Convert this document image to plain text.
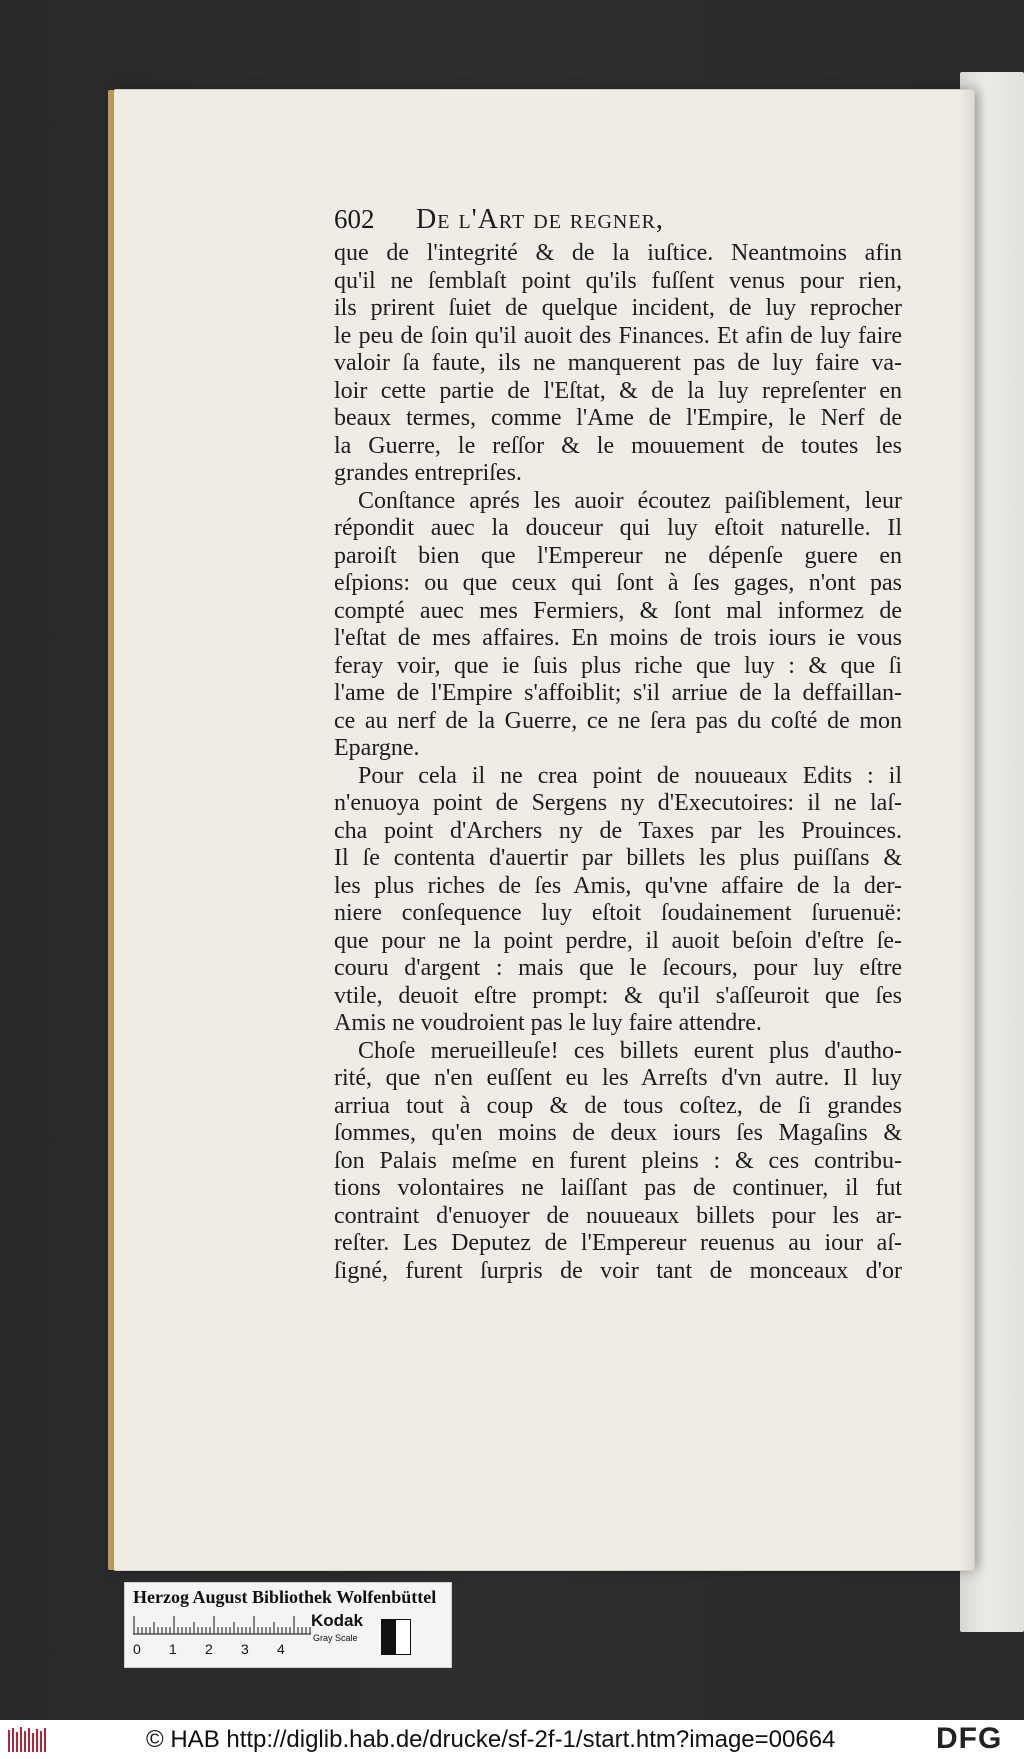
602 De l'Art de regner,
que de l'integrité & de la iuſtice. Neantmoins afin
qu'il ne ſemblaſt point qu'ils fuſſent venus pour rien,
ils prirent ſuiet de quelque incident, de luy reprocher
le peu de ſoin qu'il auoit des Finances. Et afin de luy faire
valoir ſa faute, ils ne manquerent pas de luy faire va-
loir cette partie de l'Eſtat, & de la luy repreſenter en
beaux termes, comme l'Ame de l'Empire, le Nerf de
la Guerre, le reſſor & le mouuement de toutes les
grandes entrepriſes.
Conſtance aprés les auoir écoutez paiſiblement, leur
répondit auec la douceur qui luy eſtoit naturelle. Il
paroiſt bien que l'Empereur ne dépenſe guere en
eſpions: ou que ceux qui ſont à ſes gages, n'ont pas
compté auec mes Fermiers, & ſont mal informez de
l'eſtat de mes affaires. En moins de trois iours ie vous
feray voir, que ie ſuis plus riche que luy : & que ſi
l'ame de l'Empire s'affoiblit; s'il arriue de la deffaillan-
ce au nerf de la Guerre, ce ne ſera pas du coſté de mon
Epargne.
Pour cela il ne crea point de nouueaux Edits : il
n'enuoya point de Sergens ny d'Executoires: il ne laſ-
cha point d'Archers ny de Taxes par les Prouinces.
Il ſe contenta d'auertir par billets les plus puiſſans &
les plus riches de ſes Amis, qu'vne affaire de la der-
niere conſequence luy eſtoit ſoudainement ſuruenuë:
que pour ne la point perdre, il auoit beſoin d'eſtre ſe-
couru d'argent : mais que le ſecours, pour luy eſtre
vtile, deuoit eſtre prompt: & qu'il s'aſſeuroit que ſes
Amis ne voudroient pas le luy faire attendre.
Choſe merueilleuſe! ces billets eurent plus d'autho-
rité, que n'en euſſent eu les Arreſts d'vn autre. Il luy
arriua tout à coup & de tous coſtez, de ſi grandes
ſommes, qu'en moins de deux iours ſes Magaſins &
ſon Palais meſme en furent pleins : & ces contribu-
tions volontaires ne laiſſant pas de continuer, il fut
contraint d'enuoyer de nouueaux billets pour les ar-
reſter. Les Deputez de l'Empereur reuenus au iour aſ-
ſigné, furent ſurpris de voir tant de monceaux d'or
Herzog August Bibliothek Wolfenbüttel
0 1 2 3 4
Kodak
Gray Scale
© HAB http://diglib.hab.de/drucke/sf-2f-1/start.htm?image=00664	DFG
